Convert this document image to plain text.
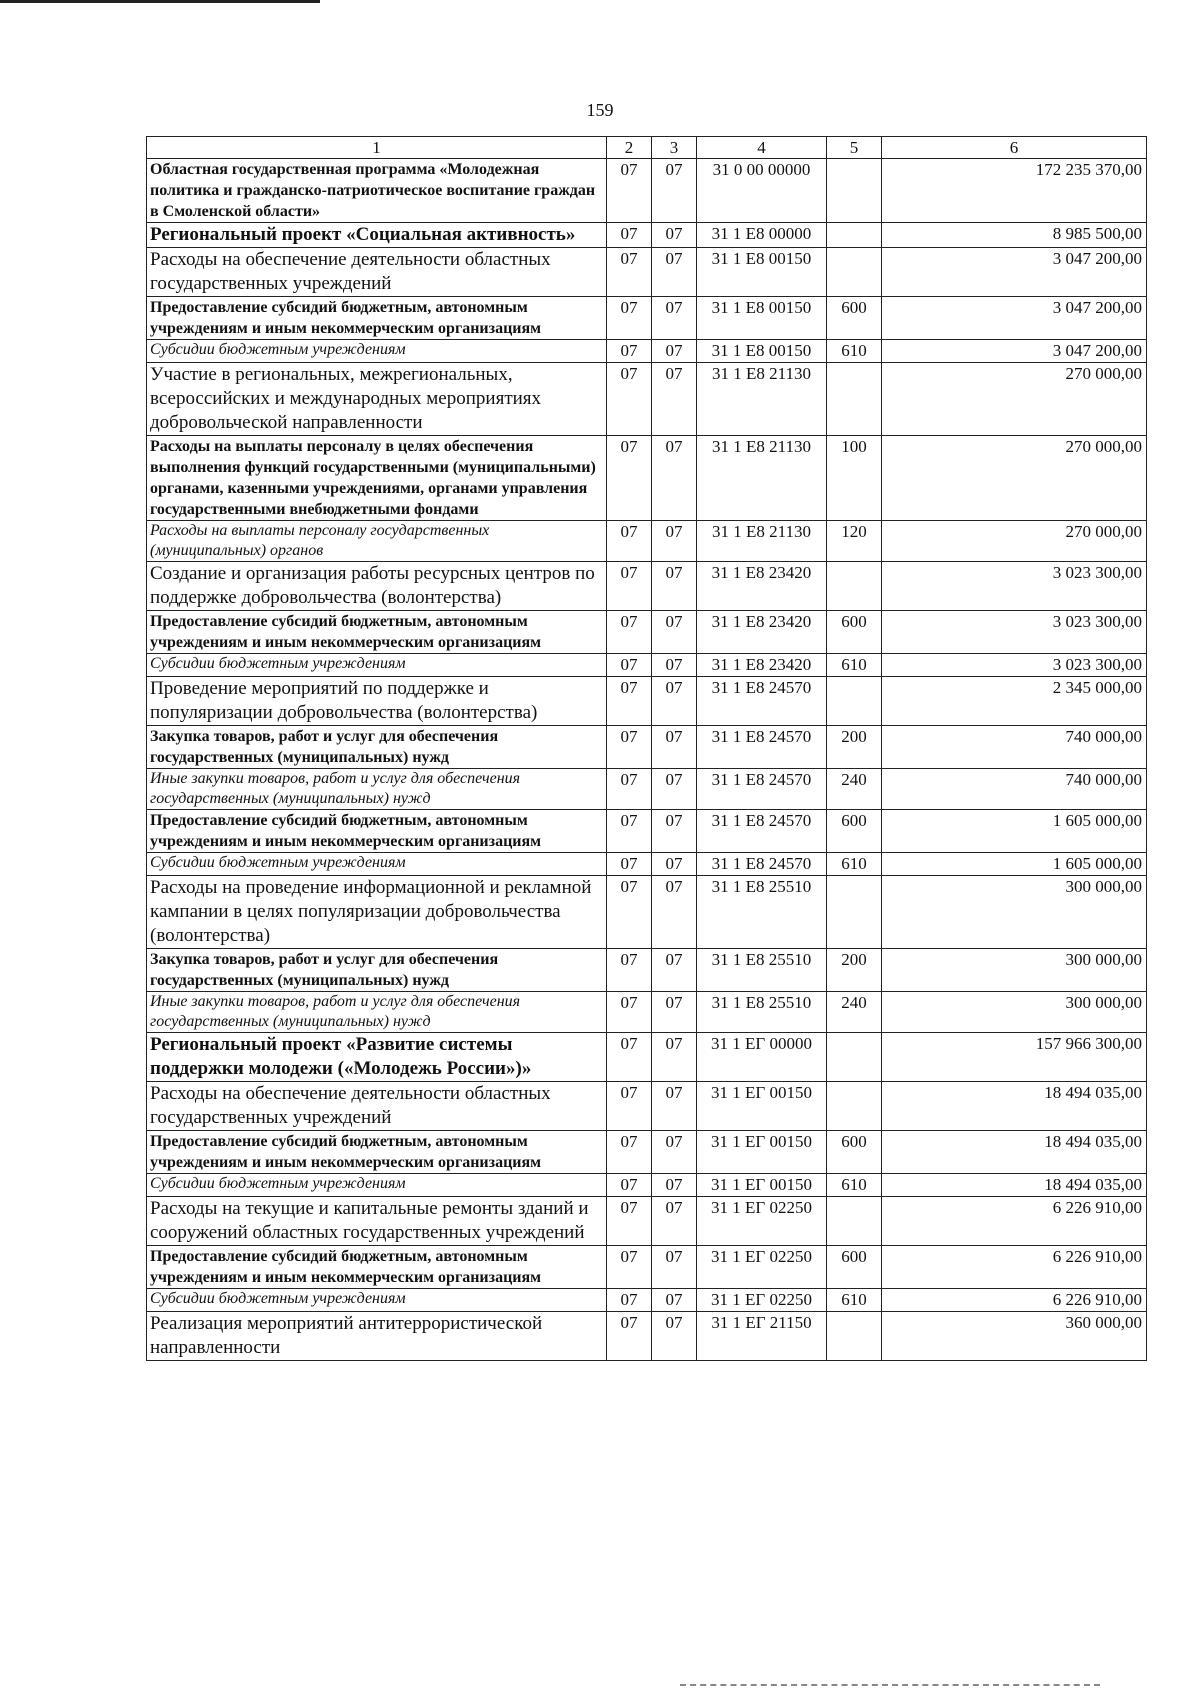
159
1	2	3	4	5	6
Областная государственная программа «Молодежная политика и гражданско-патриотическое воспитание граждан в Смоленской области»	07	07	31 0 00 00000		172 235 370,00
Региональный проект «Социальная активность»	07	07	31 1 E8 00000		8 985 500,00
Расходы на обеспечение деятельности областных государственных учреждений	07	07	31 1 E8 00150		3 047 200,00
Предоставление субсидий бюджетным, автономным учреждениям и иным некоммерческим организациям	07	07	31 1 E8 00150	600	3 047 200,00
Субсидии бюджетным учреждениям	07	07	31 1 E8 00150	610	3 047 200,00
Участие в региональных, межрегиональных, всероссийских и международных мероприятиях добровольческой направленности	07	07	31 1 E8 21130		270 000,00
Расходы на выплаты персоналу в целях обеспечения выполнения функций государственными (муниципальными) органами, казенными учреждениями, органами управления государственными внебюджетными фондами	07	07	31 1 E8 21130	100	270 000,00
Расходы на выплаты персоналу государственных (муниципальных) органов	07	07	31 1 E8 21130	120	270 000,00
Создание и организация работы ресурсных центров по поддержке добровольчества (волонтерства)	07	07	31 1 E8 23420		3 023 300,00
Предоставление субсидий бюджетным, автономным учреждениям и иным некоммерческим организациям	07	07	31 1 E8 23420	600	3 023 300,00
Субсидии бюджетным учреждениям	07	07	31 1 E8 23420	610	3 023 300,00
Проведение мероприятий по поддержке и популяризации добровольчества (волонтерства)	07	07	31 1 E8 24570		2 345 000,00
Закупка товаров, работ и услуг для обеспечения государственных (муниципальных) нужд	07	07	31 1 E8 24570	200	740 000,00
Иные закупки товаров, работ и услуг для обеспечения государственных (муниципальных) нужд	07	07	31 1 E8 24570	240	740 000,00
Предоставление субсидий бюджетным, автономным учреждениям и иным некоммерческим организациям	07	07	31 1 E8 24570	600	1 605 000,00
Субсидии бюджетным учреждениям	07	07	31 1 E8 24570	610	1 605 000,00
Расходы на проведение информационной и рекламной кампании в целях популяризации добровольчества (волонтерства)	07	07	31 1 E8 25510		300 000,00
Закупка товаров, работ и услуг для обеспечения государственных (муниципальных) нужд	07	07	31 1 E8 25510	200	300 000,00
Иные закупки товаров, работ и услуг для обеспечения государственных (муниципальных) нужд	07	07	31 1 E8 25510	240	300 000,00
Региональный проект «Развитие системы поддержки молодежи («Молодежь России»)»	07	07	31 1 EГ 00000		157 966 300,00
Расходы на обеспечение деятельности областных государственных учреждений	07	07	31 1 EГ 00150		18 494 035,00
Предоставление субсидий бюджетным, автономным учреждениям и иным некоммерческим организациям	07	07	31 1 EГ 00150	600	18 494 035,00
Субсидии бюджетным учреждениям	07	07	31 1 EГ 00150	610	18 494 035,00
Расходы на текущие и капитальные ремонты зданий и сооружений областных государственных учреждений	07	07	31 1 EГ 02250		6 226 910,00
Предоставление субсидий бюджетным, автономным учреждениям и иным некоммерческим организациям	07	07	31 1 EГ 02250	600	6 226 910,00
Субсидии бюджетным учреждениям	07	07	31 1 EГ 02250	610	6 226 910,00
Реализация мероприятий антитеррористической направленности	07	07	31 1 EГ 21150		360 000,00
